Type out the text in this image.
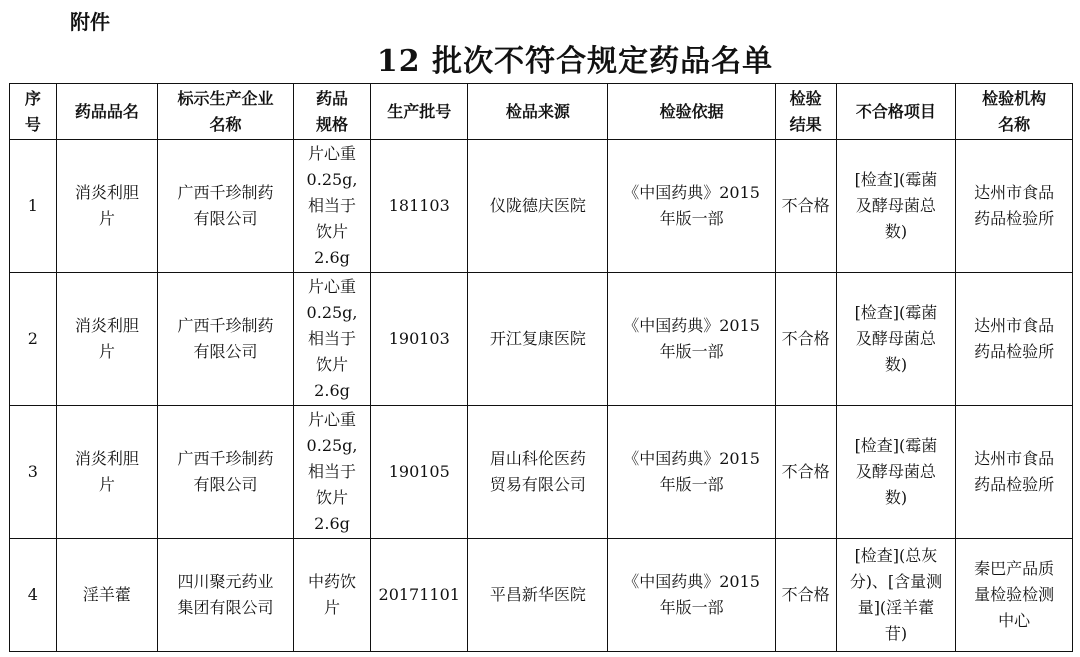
附件
12 批次不符合规定药品名单
序
号	药品品名	标示生产企业
名称	药品
规格	生产批号	检品来源	检验依据	检验
结果	不合格项目	检验机构
名称

1	消炎利胆
片	广西千珍制药
有限公司	片心重
0.25g,
相当于
饮片
2.6g	181103	仪陇德庆医院	《中国药典》2015
年版一部	不合格	[检查](霉菌
及酵母菌总
数)	达州市食品
药品检验所

2	消炎利胆
片	广西千珍制药
有限公司	片心重
0.25g,
相当于
饮片
2.6g	190103	开江复康医院	《中国药典》2015
年版一部	不合格	[检查](霉菌
及酵母菌总
数)	达州市食品
药品检验所

3	消炎利胆
片	广西千珍制药
有限公司	片心重
0.25g,
相当于
饮片
2.6g	190105	眉山科伦医药
贸易有限公司	《中国药典》2015
年版一部	不合格	[检查](霉菌
及酵母菌总
数)	达州市食品
药品检验所

4	淫羊藿	四川聚元药业
集团有限公司	中药饮
片	20171101	平昌新华医院	《中国药典》2015
年版一部	不合格	[检查](总灰
分)、[含量测
量](淫羊藿
苷)	秦巴产品质
量检验检测
中心
